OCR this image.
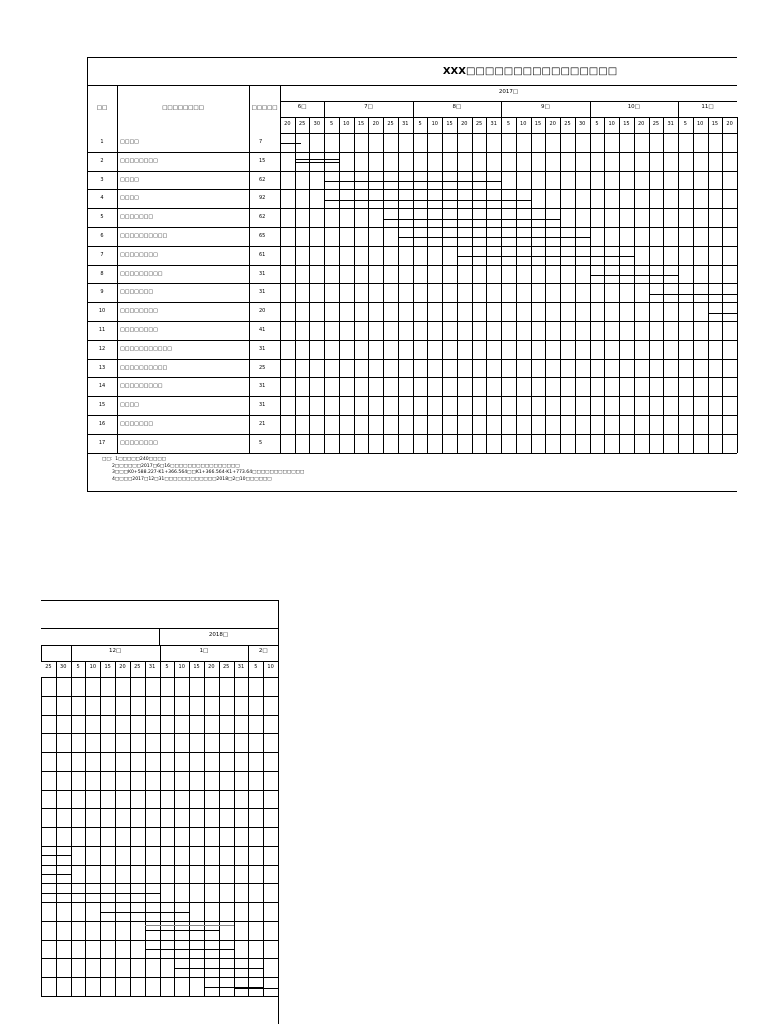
XXX□□□□□□□□□□□□□□□□
□□	□□□□□□□□	□□□□□
2017□
6□	7□	8□	9□	10□	11□
20	25	30	5	10	15	20	25	31	5	10	15	20	25	31	5	10	15	20	25	30	5	10	15	20	25	31	5	10	15	20
1	□□□□	7
2	□□□□□□□□	15
3	□□□□	62
4	□□□□	92
5	□□□□□□□	62
6	□□□□□□□□□□	65
7	□□□□□□□□	61
8	□□□□□□□□□	31
9	□□□□□□□	31
10	□□□□□□□□	20
11	□□□□□□□□	41
12	□□□□□□□□□□□	31
13	□□□□□□□□□□	25
14	□□□□□□□□□	31
15	□□□□	31
16	□□□□□□□	21
17	□□□□□□□□	5
□□：1□□□□□240□□□□
2□□□□□□2017□6□16□□□□□□□□□□□□□□□□
3□□□K0+588.227-K1+366.564□□K1+366.564-K1+773.64□□□□□□□□□□□□
4□□□□2017□12□31□□□□□□□□□□□□2018□2□10□□□□□□
2018□
12□	1□	2□
25	30	5	10	15	20	25	31	5	10	15	20	25	31	5	10
